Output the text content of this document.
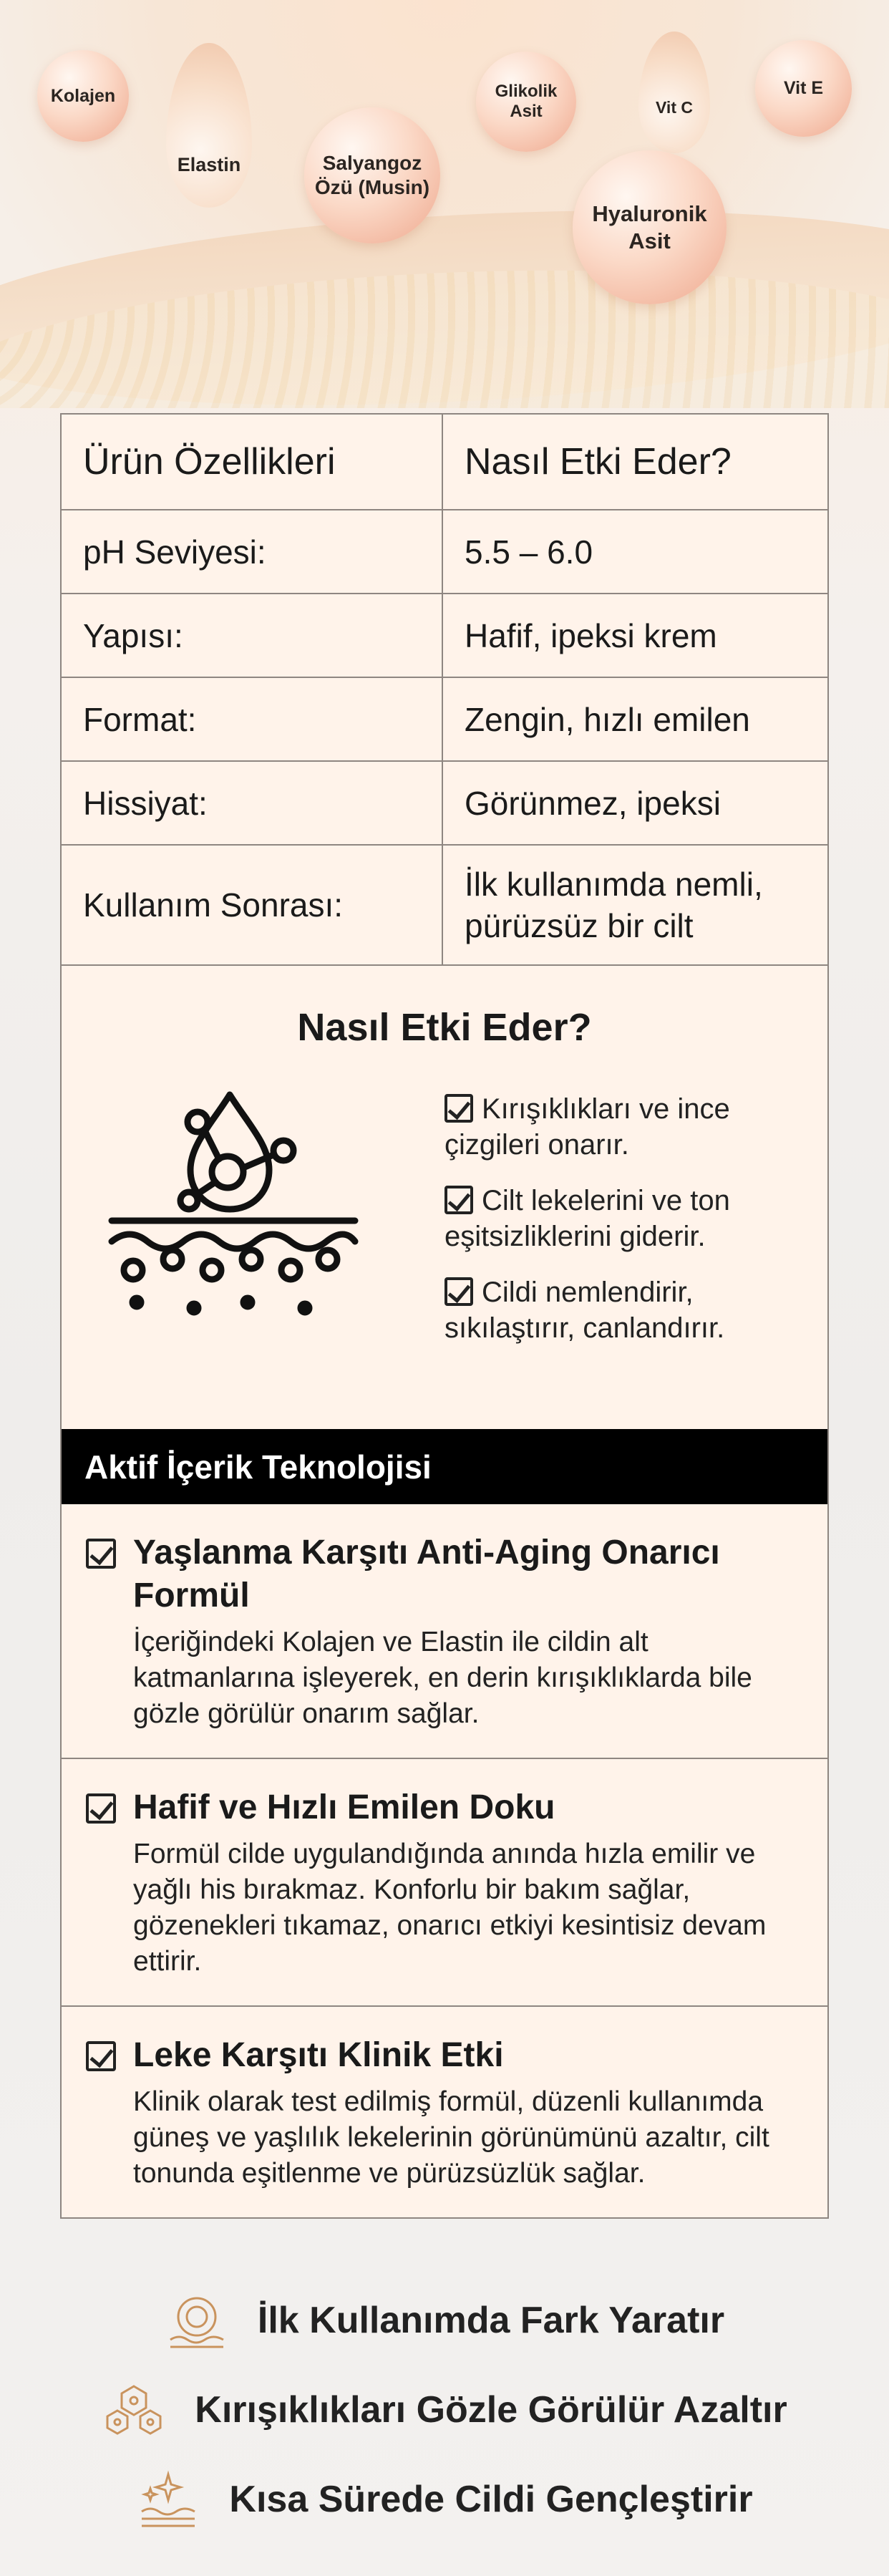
Kolajen
Elastin	Salyangoz Özü (Musin)
Glikolik Asit	Vit C
Hyaluronik Asit
Vit E
Ürün Özellikleri	Nasıl Etki Eder?
pH Seviyesi:	5.5 – 6.0
Yapısı:	Hafif, ipeksi krem
Format:	Zengin, hızlı emilen
Hissiyat:	Görünmez, ipeksi
Kullanım Sonrası:	İlk kullanımda nemli, pürüzsüz bir cilt
Nasıl Etki Eder?
Kırışıklıkları ve ince çizgileri onarır.
Cilt lekelerini ve ton eşitsizliklerini giderir.
Cildi nemlendirir, sıkılaştırır, canlandırır.
Aktif İçerik Teknolojisi
Yaşlanma Karşıtı Anti-Aging Onarıcı Formül

İçeriğindeki Kolajen ve Elastin ile cildin alt katmanlarına işleyerek, en derin kırışıklıklarda bile gözle görülür onarım sağlar.

Hafif ve Hızlı Emilen Doku

Formül cilde uygulandığında anında hızla emilir ve yağlı his bırakmaz. Konforlu bir bakım sağlar, gözenekleri tıkamaz, onarıcı etkiyi kesintisiz devam ettirir.

Leke Karşıtı Klinik Etki

Klinik olarak test edilmiş formül, düzenli kullanımda güneş ve yaşlılık lekelerinin görünümünü azaltır, cilt tonunda eşitlenme ve pürüzsüzlük sağlar.

İlk Kullanımda Fark Yaratır
Kırışıklıkları Gözle Görülür Azaltır
Kısa Sürede Cildi Gençleştirir
